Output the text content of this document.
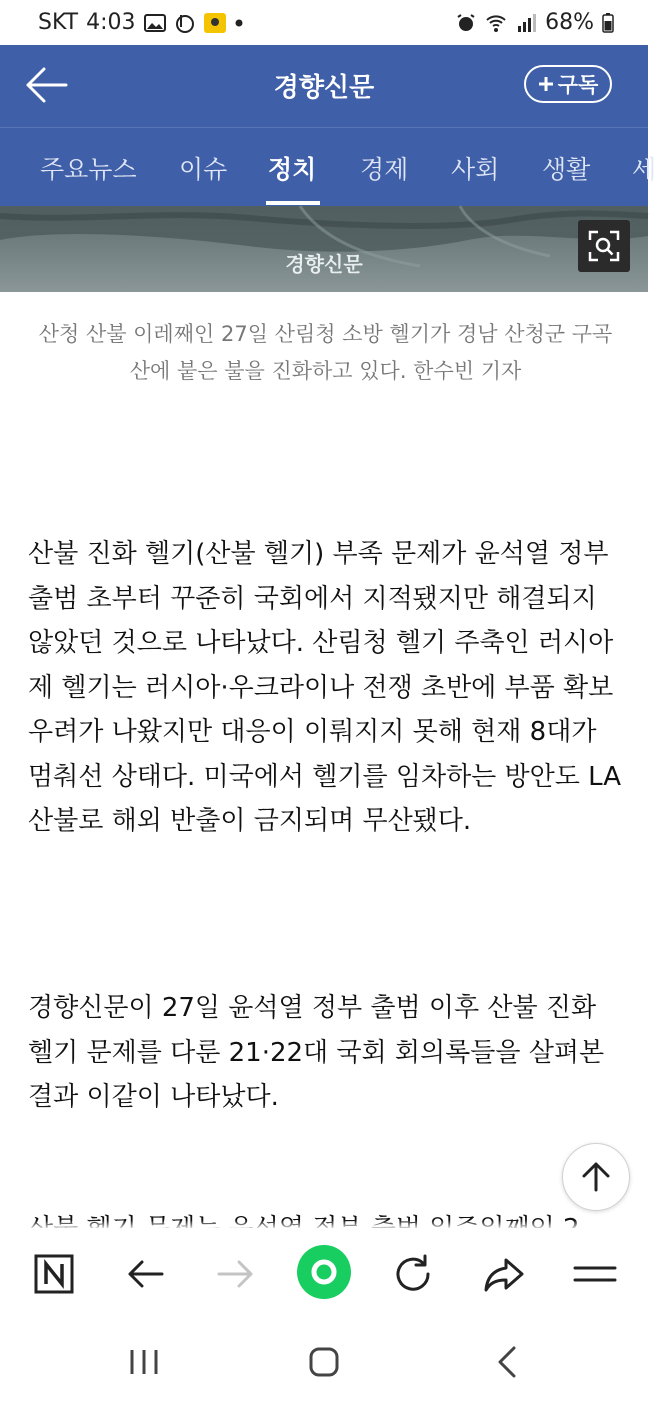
SKT 4:03	68%
경향신문	구독
주요뉴스 이슈 정치 경제 사회 생활 세
경향신문
산청 산불 이레째인 27일 산림청 소방 헬기가 경남 산청군 구곡산에 붙은 불을 진화하고 있다. 한수빈 기자
산불 진화 헬기(산불 헬기) 부족 문제가 윤석열 정부 출범 초부터 꾸준히 국회에서 지적됐지만 해결되지 않았던 것으로 나타났다. 산림청 헬기 주축인 러시아제 헬기는 러시아·우크라이나 전쟁 초반에 부품 확보 우려가 나왔지만 대응이 이뤄지지 못해 현재 8대가 멈춰선 상태다. 미국에서 헬기를 임차하는 방안도 LA산불로 해외 반출이 금지되며 무산됐다.
경향신문이 27일 윤석열 정부 출범 이후 산불 진화 헬기 문제를 다룬 21·22대 국회 회의록들을 살펴본 결과 이같이 나타났다.
